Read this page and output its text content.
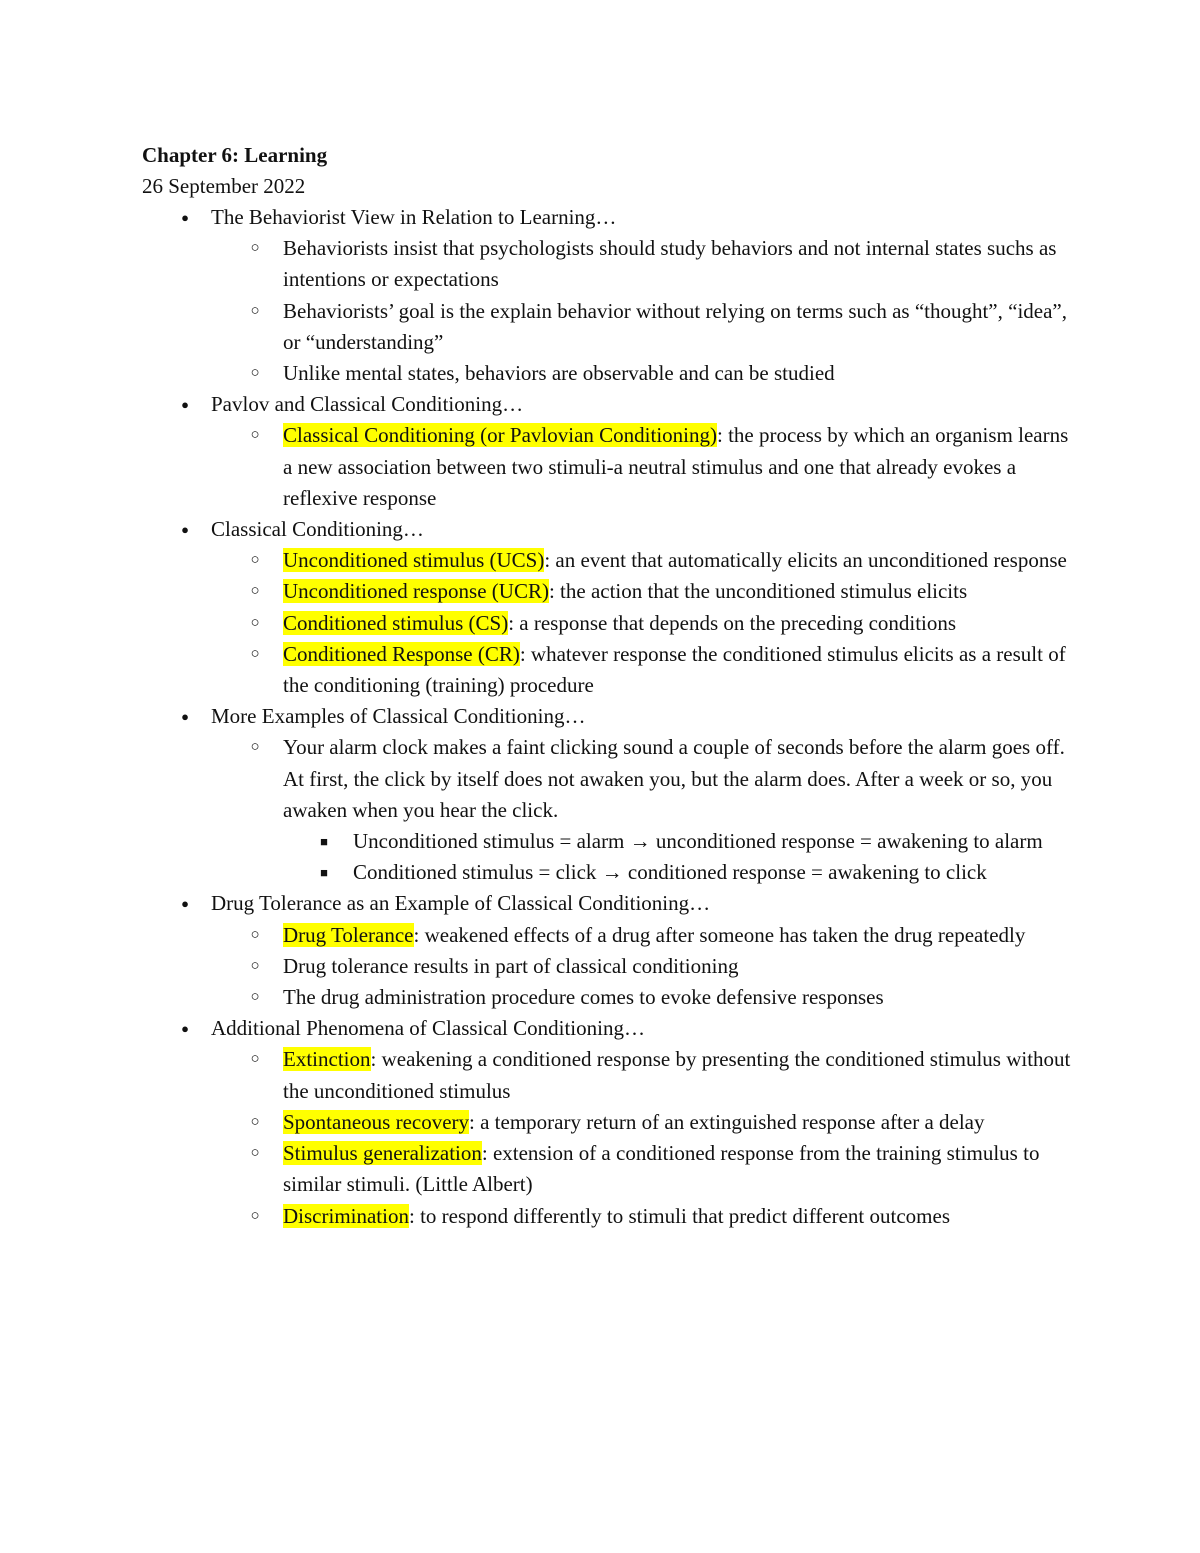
Chapter 6: Learning

26 September 2022

● The Behaviorist View in Relation to Learning…
○ Behaviorists insist that psychologists should study behaviors and not internal states suchs as intentions or expectations
○ Behaviorists’ goal is the explain behavior without relying on terms such as “thought”, “idea”, or “understanding”
○ Unlike mental states, behaviors are observable and can be studied
● Pavlov and Classical Conditioning…
○ Classical Conditioning (or Pavlovian Conditioning): the process by which an organism learns a new association between two stimuli-a neutral stimulus and one that already evokes a reflexive response
● Classical Conditioning…
○ Unconditioned stimulus (UCS): an event that automatically elicits an unconditioned response
○ Unconditioned response (UCR): the action that the unconditioned stimulus elicits
○ Conditioned stimulus (CS): a response that depends on the preceding conditions
○ Conditioned Response (CR): whatever response the conditioned stimulus elicits as a result of the conditioning (training) procedure
● More Examples of Classical Conditioning…
○ Your alarm clock makes a faint clicking sound a couple of seconds before the alarm goes off. At first, the click by itself does not awaken you, but the alarm does. After a week or so, you awaken when you hear the click.
■ Unconditioned stimulus = alarm → unconditioned response = awakening to alarm
■ Conditioned stimulus = click → conditioned response = awakening to click
● Drug Tolerance as an Example of Classical Conditioning…
○ Drug Tolerance: weakened effects of a drug after someone has taken the drug repeatedly
○ Drug tolerance results in part of classical conditioning
○ The drug administration procedure comes to evoke defensive responses
● Additional Phenomena of Classical Conditioning…
○ Extinction: weakening a conditioned response by presenting the conditioned stimulus without the unconditioned stimulus
○ Spontaneous recovery: a temporary return of an extinguished response after a delay
○ Stimulus generalization: extension of a conditioned response from the training stimulus to similar stimuli. (Little Albert)
○ Discrimination: to respond differently to stimuli that predict different outcomes
